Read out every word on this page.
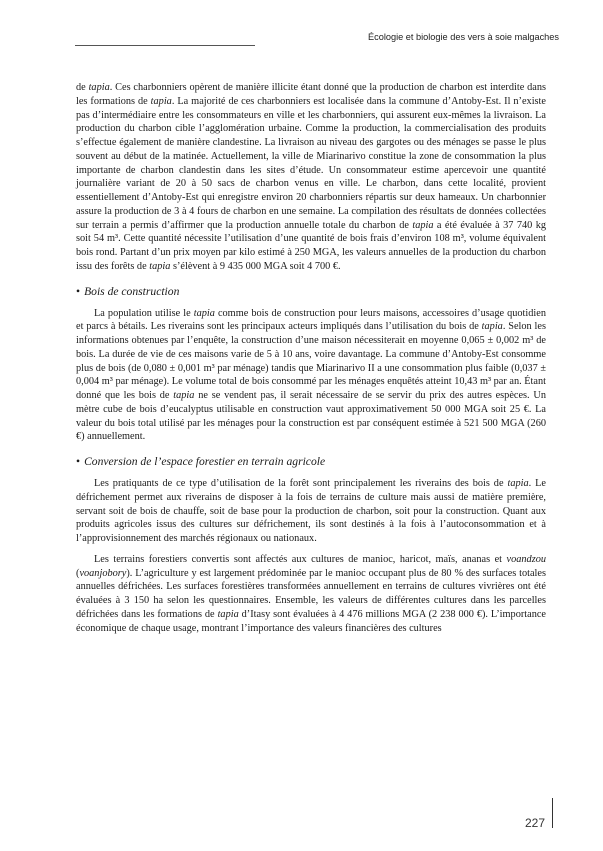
Écologie et biologie des vers à soie malgaches

de tapia. Ces charbonniers opèrent de manière illicite étant donné que la production de charbon est interdite dans les formations de tapia. La majorité de ces charbonniers est localisée dans la commune d’Antoby-Est. Il n’existe pas d’intermédiaire entre les consommateurs en ville et les charbonniers, qui assurent eux-mêmes la livraison. La production du charbon cible l’agglomération urbaine. Comme la production, la commercialisation des produits s’effectue également de manière clandestine. La livraison au niveau des gargotes ou des ménages se passe le plus souvent au début de la matinée. Actuellement, la ville de Miarinarivo constitue la zone de consommation la plus importante de charbon clandestin dans les sites d’étude. Un consommateur estime apercevoir une quantité journalière variant de 20 à 50 sacs de charbon venus en ville. Le charbon, dans cette localité, provient essentiellement d’Antoby-Est qui enregistre environ 20 charbonniers répartis sur deux hameaux. Un charbonnier assure la production de 3 à 4 fours de charbon en une semaine. La compilation des résultats de données collectées sur terrain a permis d’affirmer que la production annuelle totale du charbon de tapia a été évaluée à 37 740 kg soit 54 m³. Cette quantité nécessite l’utilisation d’une quantité de bois frais d’environ 108 m³, volume équivalent bois rond. Partant d’un prix moyen par kilo estimé à 250 MGA, les valeurs annuelles de la production du charbon issu des forêts de tapia s’élèvent à 9 435 000 MGA soit 4 700 €.

• Bois de construction

La population utilise le tapia comme bois de construction pour leurs maisons, accessoires d’usage quotidien et parcs à bétails. Les riverains sont les principaux acteurs impliqués dans l’utilisation du bois de tapia. Selon les informations obtenues par l’enquête, la construction d’une maison nécessiterait en moyenne 0,065 ± 0,002 m³ de bois. La durée de vie de ces maisons varie de 5 à 10 ans, voire davantage. La commune d’Antoby-Est consomme plus de bois (de 0,080 ± 0,001 m³ par ménage) tandis que Miarinarivo II a une consommation plus faible (0,037 ± 0,004 m³ par ménage). Le volume total de bois consommé par les ménages enquêtés atteint 10,43 m³ par an. Étant donné que les bois de tapia ne se vendent pas, il serait nécessaire de se servir du prix des autres espèces. Un mètre cube de bois d’eucalyptus utilisable en construction vaut approximativement 50 000 MGA soit 25 €. La valeur du bois total utilisé par les ménages pour la construction est par conséquent estimée à 521 500 MGA (260 €) annuellement.

• Conversion de l’espace forestier en terrain agricole

Les pratiquants de ce type d’utilisation de la forêt sont principalement les riverains des bois de tapia. Le défrichement permet aux riverains de disposer à la fois de terrains de culture mais aussi de matière première, servant soit de bois de chauffe, soit de base pour la production de charbon, soit pour la construction. Quant aux produits agricoles issus des cultures sur défrichement, ils sont destinés à la fois à l’autoconsommation et à l’approvisionnement des marchés régionaux ou nationaux.

Les terrains forestiers convertis sont affectés aux cultures de manioc, haricot, maïs, ananas et voandzou (voanjobory). L’agriculture y est largement prédominée par le manioc occupant plus de 80 % des surfaces totales annuelles défrichées. Les surfaces forestières transformées annuellement en terrains de cultures vivrières ont été évaluées à 3 150 ha selon les questionnaires. Ensemble, les valeurs de différentes cultures dans les parcelles défrichées dans les formations de tapia d’Itasy sont évaluées à 4 476 millions MGA (2 238 000 €). L’importance économique de chaque usage, montrant l’importance des valeurs financières des cultures

227
